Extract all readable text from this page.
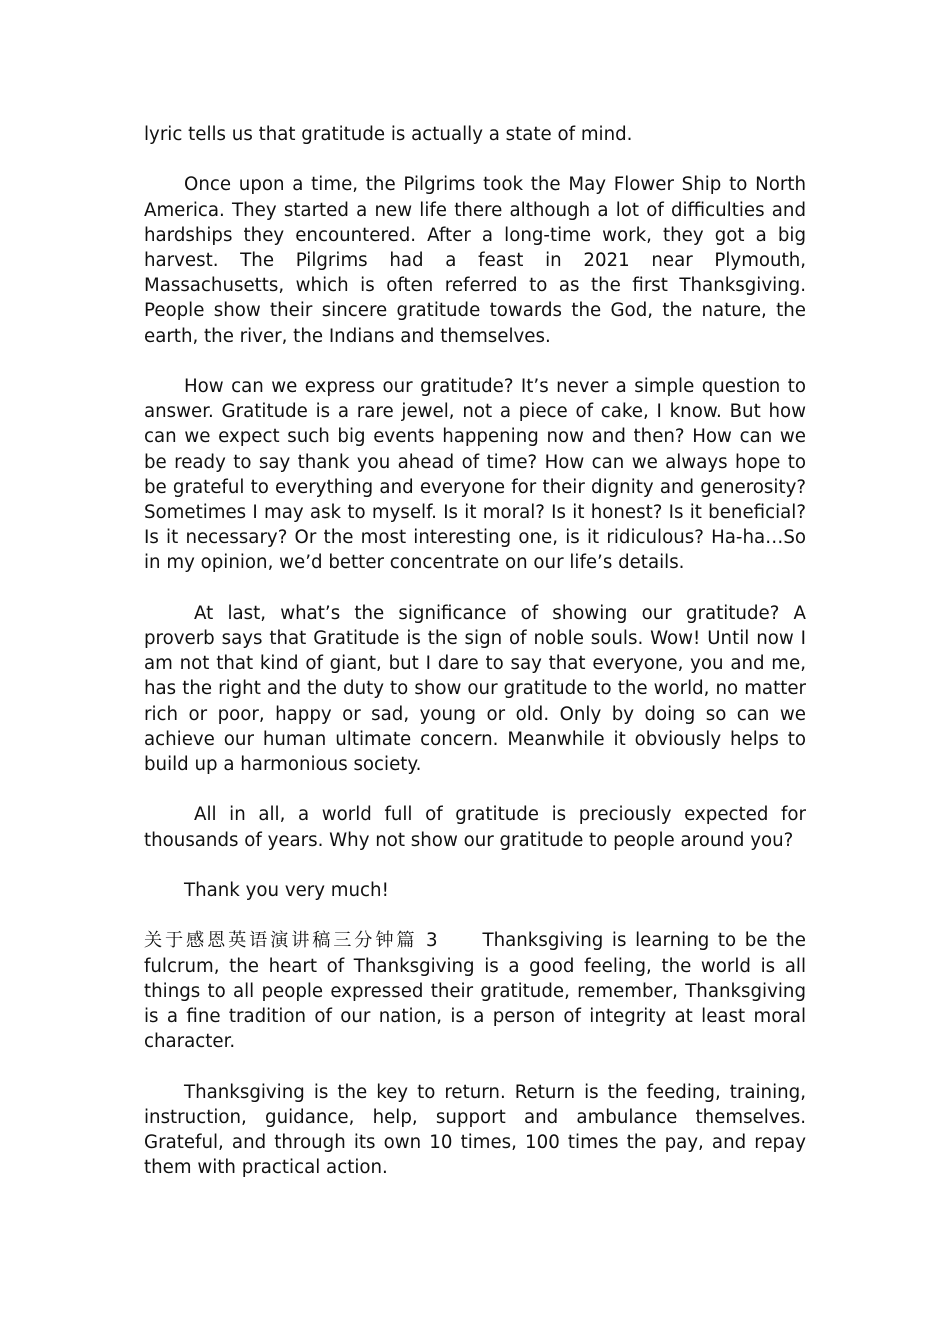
lyric tells us that gratitude is actually a state of mind.

Once upon a time, the Pilgrims took the May Flower Ship to North America. They started a new life there although a lot of difficulties and hardships they encountered. After a long-time work, they got a big harvest. The Pilgrims had a feast in 2021 near Plymouth, Massachusetts, which is often referred to as the first Thanksgiving. People show their sincere gratitude towards the God, the nature, the earth, the river, the Indians and themselves.

How can we express our gratitude? It’s never a simple question to answer. Gratitude is a rare jewel, not a piece of cake, I know. But how can we expect such big events happening now and then? How can we be ready to say thank you ahead of time? How can we always hope to be grateful to everything and everyone for their dignity and generosity? Sometimes I may ask to myself. Is it moral? Is it honest? Is it beneficial? Is it necessary? Or the most interesting one, is it ridiculous? Ha-ha…So in my opinion, we’d better concentrate on our life’s details.

At last, what’s the significance of showing our gratitude? A proverb says that Gratitude is the sign of noble souls. Wow! Until now I am not that kind of giant, but I dare to say that everyone, you and me, has the right and the duty to show our gratitude to the world, no matter rich or poor, happy or sad, young or old. Only by doing so can we achieve our human ultimate concern. Meanwhile it obviously helps to build up a harmonious society.

All in all, a world full of gratitude is preciously expected for thousands of years. Why not show our gratitude to people around you?

Thank you very much!

关于感恩英语演讲稿三分钟篇 3　　Thanksgiving is learning to be the fulcrum, the heart of Thanksgiving is a good feeling, the world is all things to all people expressed their gratitude, remember, Thanksgiving is a fine tradition of our nation, is a person of integrity at least moral character.

Thanksgiving is the key to return. Return is the feeding, training, instruction, guidance, help, support and ambulance themselves. Grateful, and through its own 10 times, 100 times the pay, and repay them with practical action.
